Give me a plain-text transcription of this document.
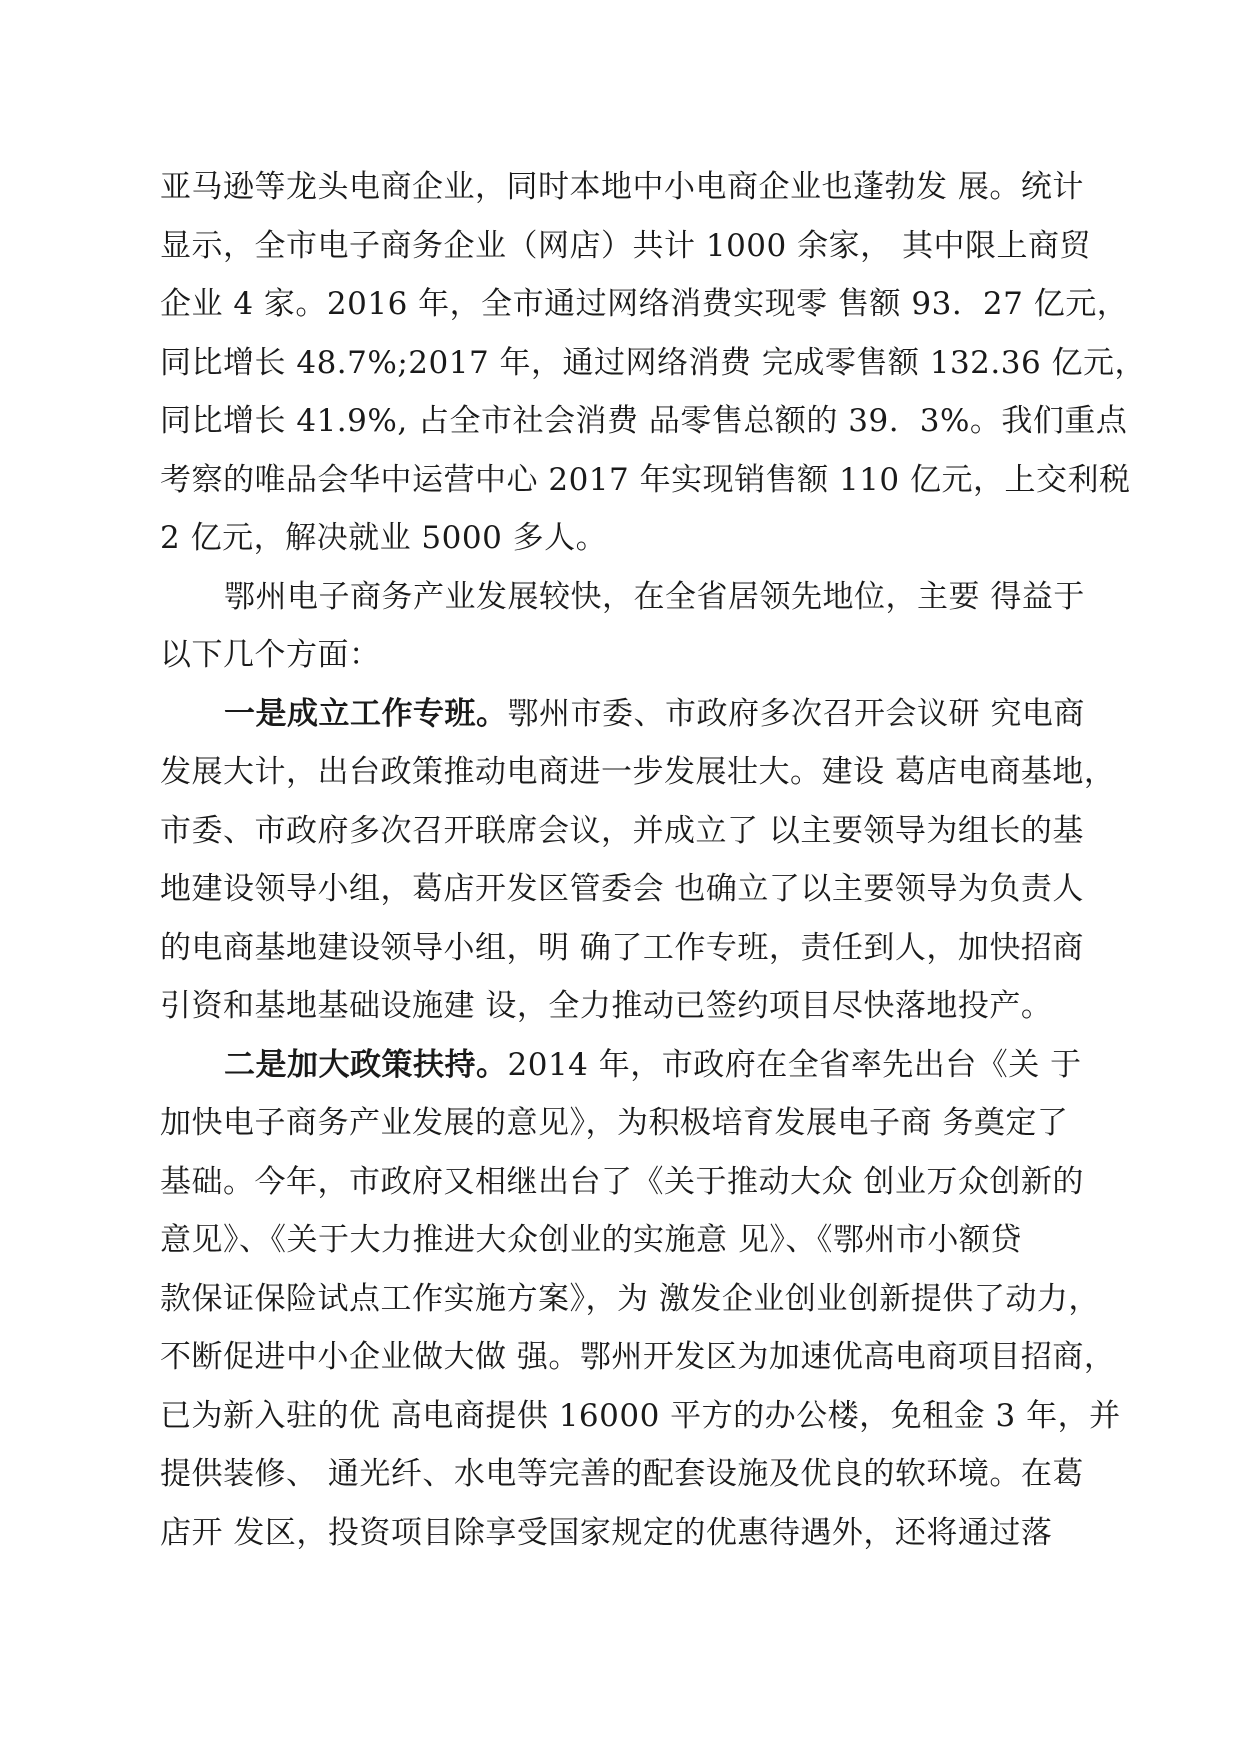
亚马逊等龙头电商企业，同时本地中小电商企业也蓬勃发 展。统计
显示，全市电子商务企业（网店）共计 1000 余家， 其中限上商贸
企业 4 家。2016 年，全市通过网络消费实现零 售额 93.  27 亿元，
同比增长 48.7%;2017 年，通过网络消费 完成零售额 132.36 亿元，
同比增长 41.9%, 占全市社会消费 品零售总额的 39.  3%。我们重点
考察的唯品会华中运营中心 2017 年实现销售额 110 亿元，上交利税
2 亿元，解决就业 5000 多人。
鄂州电子商务产业发展较快，在全省居领先地位，主要 得益于
以下几个方面：
一是成立工作专班。鄂州市委、市政府多次召开会议研 究电商
发展大计，出台政策推动电商进一步发展壮大。建设 葛店电商基地，
市委、市政府多次召开联席会议，并成立了 以主要领导为组长的基
地建设领导小组，葛店开发区管委会 也确立了以主要领导为负责人
的电商基地建设领导小组，明 确了工作专班，责任到人，加快招商
引资和基地基础设施建 设，全力推动已签约项目尽快落地投产。
二是加大政策扶持。2014 年，市政府在全省率先出台《关 于
加快电子商务产业发展的意见》，为积极培育发展电子商 务奠定了
基础。今年，市政府又相继出台了《关于推动大众 创业万众创新的
意见》、《关于大力推进大众创业的实施意 见》、《鄂州市小额贷
款保证保险试点工作实施方案》，为 激发企业创业创新提供了动力，
不断促进中小企业做大做 强。鄂州开发区为加速优高电商项目招商，
已为新入驻的优 高电商提供 16000 平方的办公楼，免租金 3 年，并
提供装修、 通光纤、水电等完善的配套设施及优良的软环境。在葛
店开 发区，投资项目除享受国家规定的优惠待遇外，还将通过落
